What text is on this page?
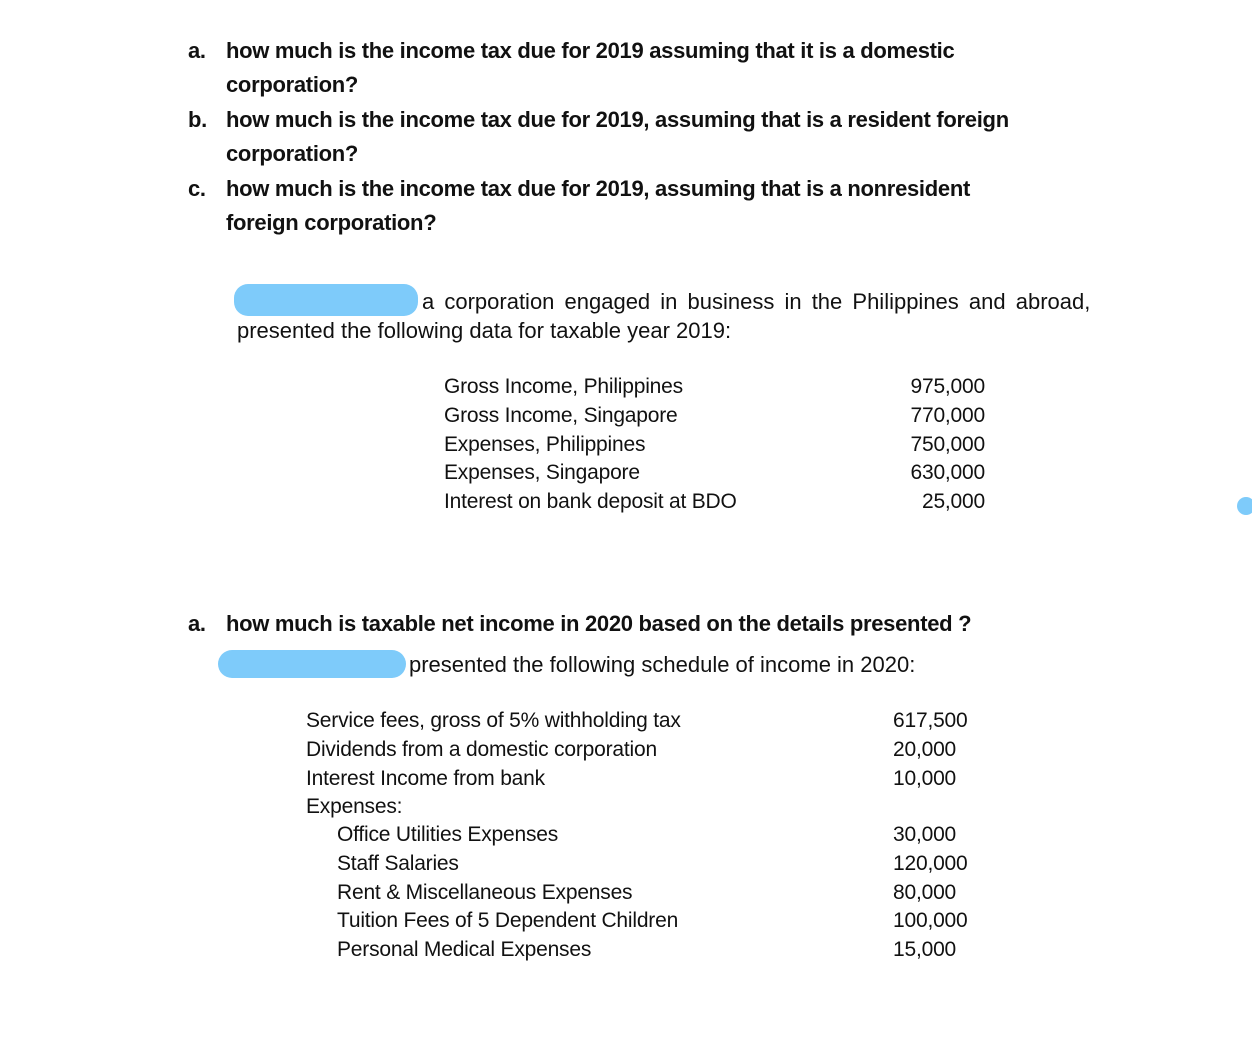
a. how much is the income tax due for 2019 assuming that it is a domestic
corporation?
b. how much is the income tax due for 2019, assuming that is a resident foreign
corporation?
c. how much is the income tax due for 2019, assuming that is a nonresident
foreign corporation?
a corporation engaged in business in the Philippines and abroad,
presented the following data for taxable year 2019:
Gross Income, Philippines	975,000
Gross Income, Singapore	770,000
Expenses, Philippines	750,000
Expenses, Singapore	630,000
Interest on bank deposit at BDO	25,000
a. how much is taxable net income in 2020 based on the details presented ?
presented the following schedule of income in 2020:
Service fees, gross of 5% withholding tax	617,500
Dividends from a domestic corporation	20,000
Interest Income from bank	10,000
Expenses:
Office Utilities Expenses	30,000
Staff Salaries	120,000
Rent & Miscellaneous Expenses	80,000
Tuition Fees of 5 Dependent Children	100,000
Personal Medical Expenses	15,000
